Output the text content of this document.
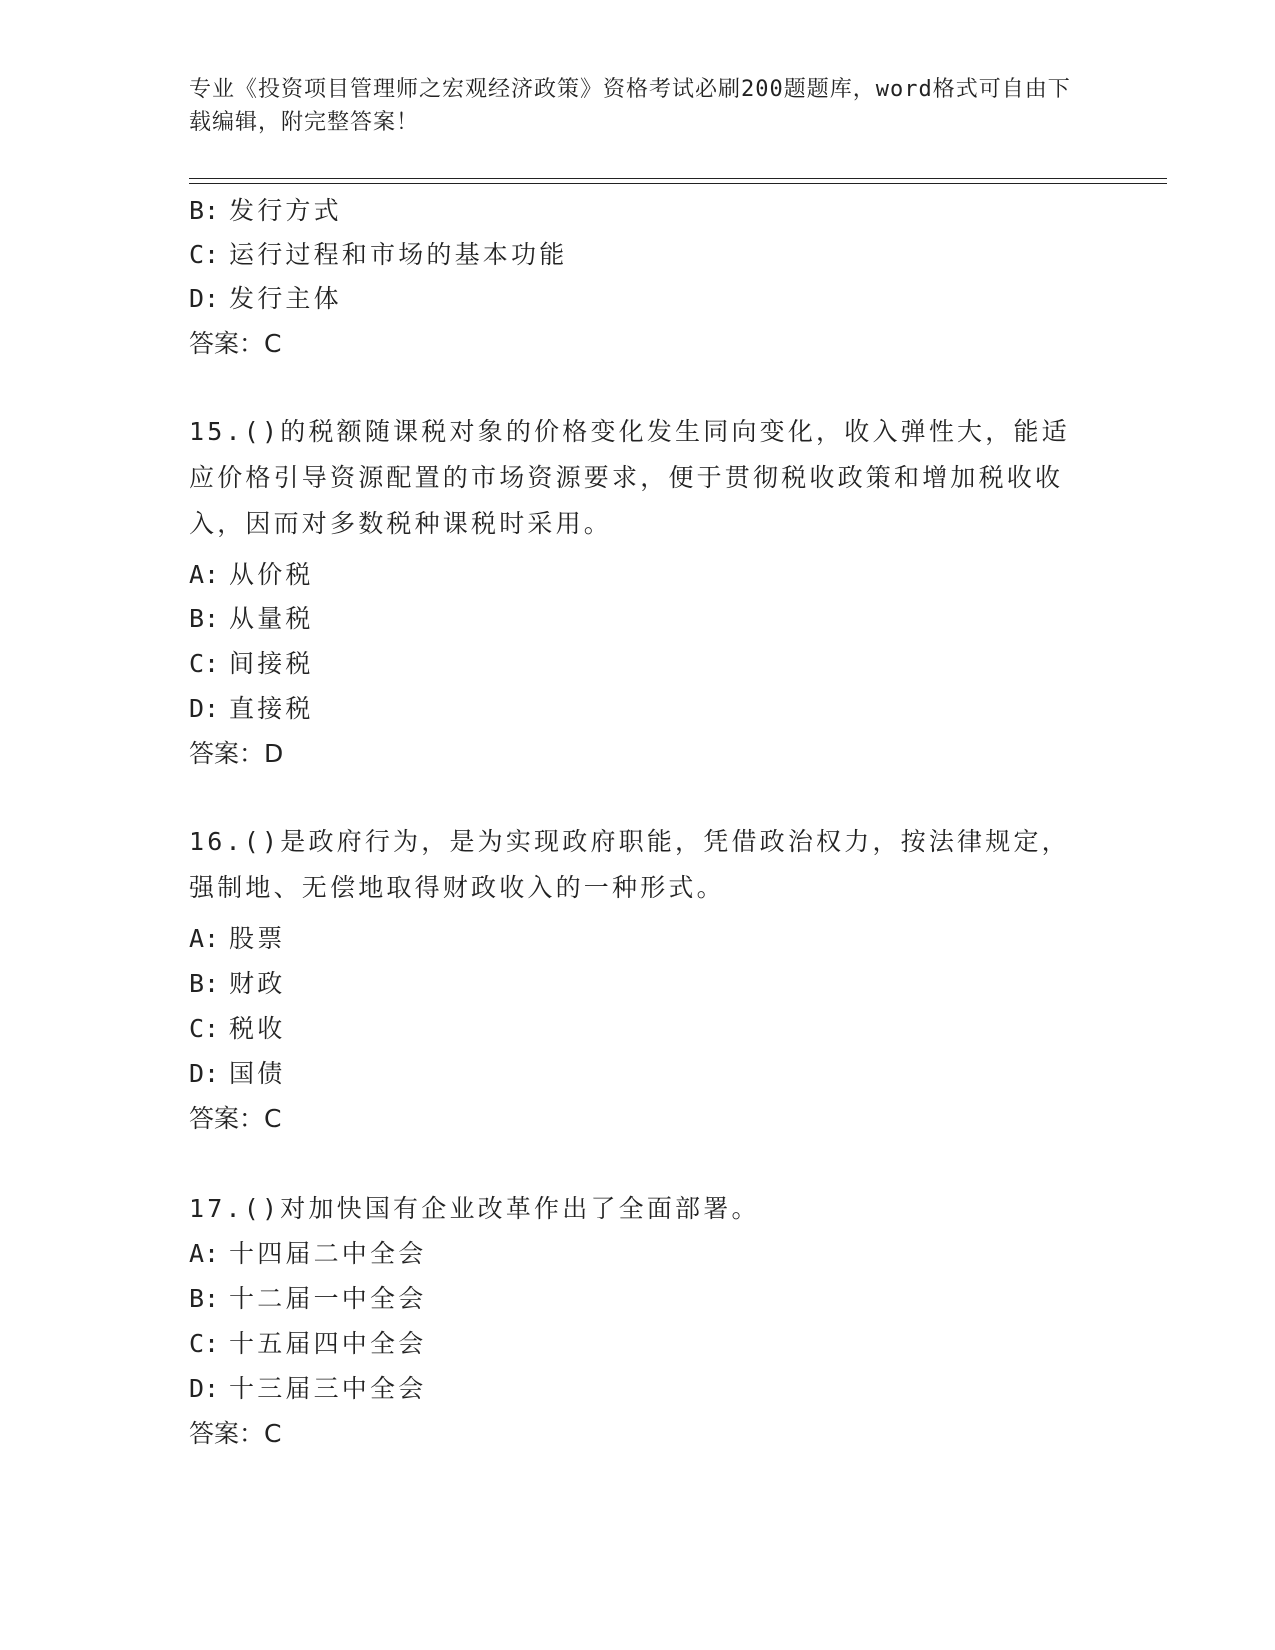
专业《投资项目管理师之宏观经济政策》资格考试必刷200题题库，word格式可自由下载编辑，附完整答案！
B: 发行方式
C: 运行过程和市场的基本功能
D: 发行主体
答案：C
15.()的税额随课税对象的价格变化发生同向变化，收入弹性大，能适应价格引导资源配置的市场资源要求，便于贯彻税收政策和增加税收收入，因而对多数税种课税时采用。
A: 从价税
B: 从量税
C: 间接税
D: 直接税
答案：D
16.()是政府行为，是为实现政府职能，凭借政治权力，按法律规定，强制地、无偿地取得财政收入的一种形式。
A: 股票
B: 财政
C: 税收
D: 国债
答案：C
17.()对加快国有企业改革作出了全面部署。
A: 十四届二中全会
B: 十二届一中全会
C: 十五届四中全会
D: 十三届三中全会
答案：C
